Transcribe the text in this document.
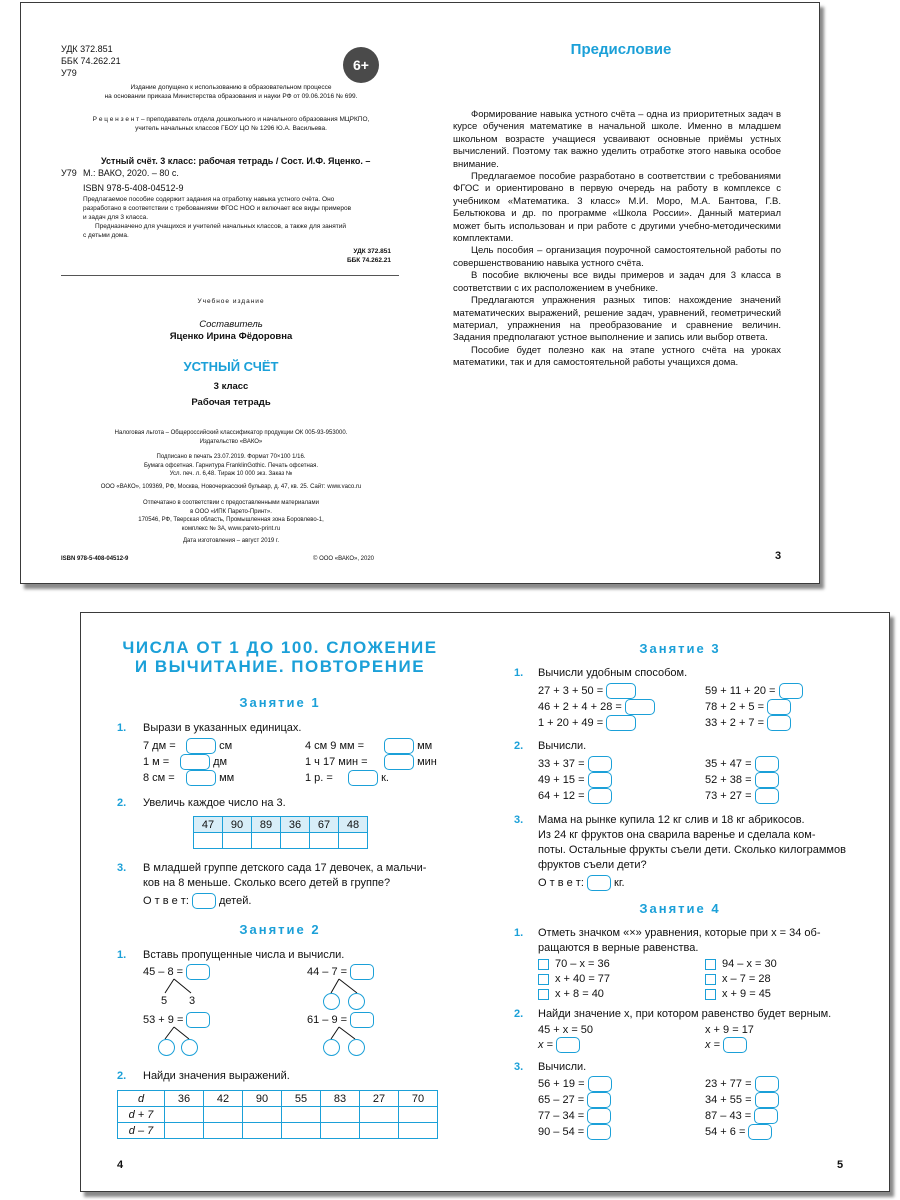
УДК 372.851
ББК 74.262.21
У79	6+
Издание допущено к использованию в образовательном процессе
на основании приказа Министерства образования и науки РФ от 09.06.2016 № 699.
Р е ц е н з е н т – преподаватель отдела дошкольного и начального образования МЦРКПО,
учитель начальных классов ГБОУ ЦО № 1296 Ю.А. Васильева.
Устный счёт. 3 класс: рабочая тетрадь / Сост. И.Ф. Яценко. –
У79 М.: ВАКО, 2020. – 80 с.
ISBN 978-5-408-04512-9
Предлагаемое пособие содержит задания на отработку навыка устного счёта. Оно
разработано в соответствии с требованиями ФГОС НОО и включает все виды примеров
и задач для 3 класса.
Предназначено для учащихся и учителей начальных классов, а также для занятий
с детьми дома.
УДК 372.851
ББК 74.262.21
Учебное издание
Составитель
Яценко Ирина Фёдоровна
УСТНЫЙ СЧЁТ
3 класс
Рабочая тетрадь
Налоговая льгота – Общероссийский классификатор продукции ОК 005-93-953000.
Издательство «ВАКО»
Подписано в печать 23.07.2019. Формат 70×100 1/16.
Бумага офсетная. Гарнитура FranklinGothic. Печать офсетная.
Усл. печ. л. 6,48. Тираж 10 000 экз. Заказ №
ООО «ВАКО», 109369, РФ, Москва, Новочеркасский бульвар, д. 47, кв. 25. Сайт: www.vaco.ru
Отпечатано в соответствии с предоставленными материалами
в ООО «ИПК Парето-Принт».
170546, РФ, Тверская область, Промышленная зона Боровлево-1,
комплекс № 3А, www.pareto-print.ru
Дата изготовления – август 2019 г.
ISBN 978-5-408-04512-9	© ООО «ВАКО», 2020
Предисловие

Формирование навыка устного счёта – одна из приоритетных задач в курсе обучения математике в начальной школе. Именно в младшем школьном возрасте учащиеся усваивают основные приёмы устных вычислений. Поэтому так важно уделить отработке этого навыка особое внимание.

Предлагаемое пособие разработано в соответствии с требованиями ФГОС и ориентировано в первую очередь на работу в комплексе с учебником «Математика. 3 класс» М.И. Моро, М.А. Бантова, Г.В. Бельтюкова и др. по программе «Школа России». Данный материал может быть использован и при работе с другими учебно-методическими комплектами.

Цель пособия – организация поурочной самостоятельной работы по совершенствованию навыка устного счёта.

В пособие включены все виды примеров и задач для 3 класса в соответствии с их расположением в учебнике.

Предлагаются упражнения разных типов: нахождение значений математических выражений, решение задач, уравнений, геометрический материал, упражнения на преобразование и сравнение величин. Задания предполагают устное выполнение и запись или выбор ответа.

Пособие будет полезно как на этапе устного счёта на уроках математики, так и для самостоятельной работы учащихся дома.

3
ЧИСЛА ОТ 1 ДО 100. СЛОЖЕНИЕ
И ВЫЧИТАНИЕ. ПОВТОРЕНИЕ
Занятие 1
1. Вырази в указанных единицах.
7 дм =	см
1 м =	дм
8 см =	мм
4 см 9 мм =	мм
1 ч 17 мин =	мин
1 р. =	к.
2. Увеличь каждое число на 3.
47	90	89	36	67	48

3. В младшей группе детского сада 17 девочек, а мальчи-
ков на 8 меньше. Сколько всего детей в группе?
О т в е т:	детей.
Занятие 2
1. Вставь пропущенные числа и вычисли.
45 – 8 =
5 3
44 – 7 =
53 + 9 =	61 – 9 =
2. Найди значения выражений.
d	36	42	90	55	83	27	70
d + 7							
d – 7							
4
Занятие 3
1. Вычисли удобным способом.
27 + 3 + 50 =
46 + 2 + 4 + 28 =
1 + 20 + 49 =
59 + 11 + 20 =
78 + 2 + 5 =
33 + 2 + 7 =
2. Вычисли.
33 + 37 =
49 + 15 =
64 + 12 =
35 + 47 =
52 + 38 =
73 + 27 =
3. Мама на рынке купила 12 кг слив и 18 кг абрикосов.
Из 24 кг фруктов она сварила варенье и сделала ком-
поты. Остальные фрукты съели дети. Сколько килограммов
фруктов съели дети?
О т в е т:	кг.
Занятие 4
1. Отметь значком «×» уравнения, которые при x = 34 об-
ращаются в верные равенства.
70 – x = 36
x + 40 = 77
x + 8 = 40
94 – x = 30
x – 7 = 28
x + 9 = 45
2. Найди значение x, при котором равенство будет верным.
45 + x = 50	x + 9 = 17
x =	x =
3. Вычисли.
56 + 19 =
65 – 27 =
77 – 34 =
90 – 54 =
23 + 77 =
34 + 55 =
87 – 43 =
54 + 6 =
5
